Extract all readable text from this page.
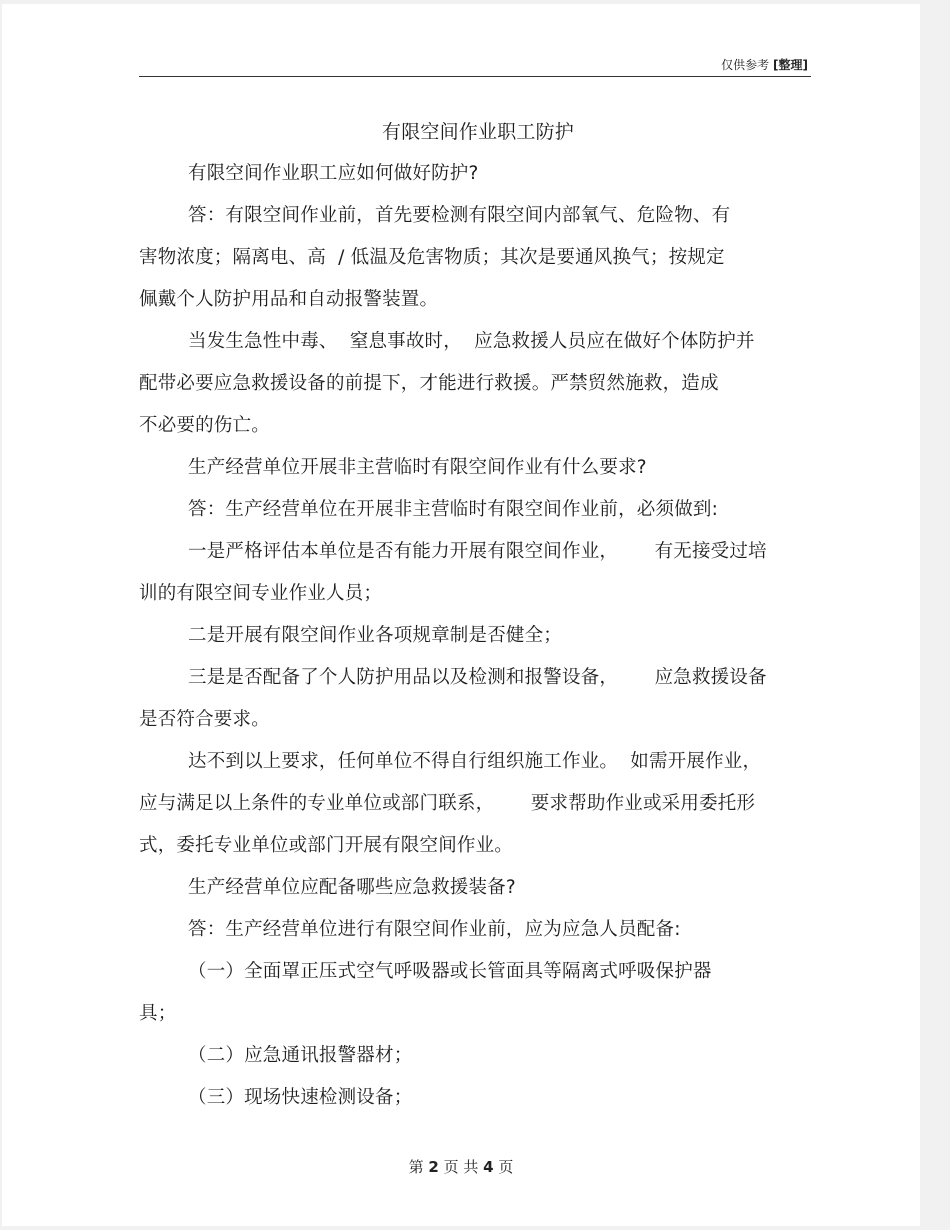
仅供参考 [整理]
有限空间作业职工防护
有限空间作业职工应如何做好防护?
答：有限空间作业前，首先要检测有限空间内部氧气、危险物、有
害物浓度；隔离电、高  / 低温及危害物质；其次是要通风换气；按规定
佩戴个人防护用品和自动报警装置。
当发生急性中毒、  窒息事故时，  应急救援人员应在做好个体防护并
配带必要应急救援设备的前提下，才能进行救援。严禁贸然施救，造成
不必要的伤亡。
生产经营单位开展非主营临时有限空间作业有什么要求?
答：生产经营单位在开展非主营临时有限空间作业前，必须做到:
一是严格评估本单位是否有能力开展有限空间作业，      有无接受过培
训的有限空间专业作业人员；
二是开展有限空间作业各项规章制是否健全；
三是是否配备了个人防护用品以及检测和报警设备，      应急救援设备
是否符合要求。
达不到以上要求，任何单位不得自行组织施工作业。  如需开展作业，
应与满足以上条件的专业单位或部门联系，      要求帮助作业或采用委托形
式，委托专业单位或部门开展有限空间作业。
生产经营单位应配备哪些应急救援装备?
答：生产经营单位进行有限空间作业前，应为应急人员配备:
（一）全面罩正压式空气呼吸器或长管面具等隔离式呼吸保护器
具；
（二）应急通讯报警器材；
（三）现场快速检测设备；
第 2 页 共 4 页
